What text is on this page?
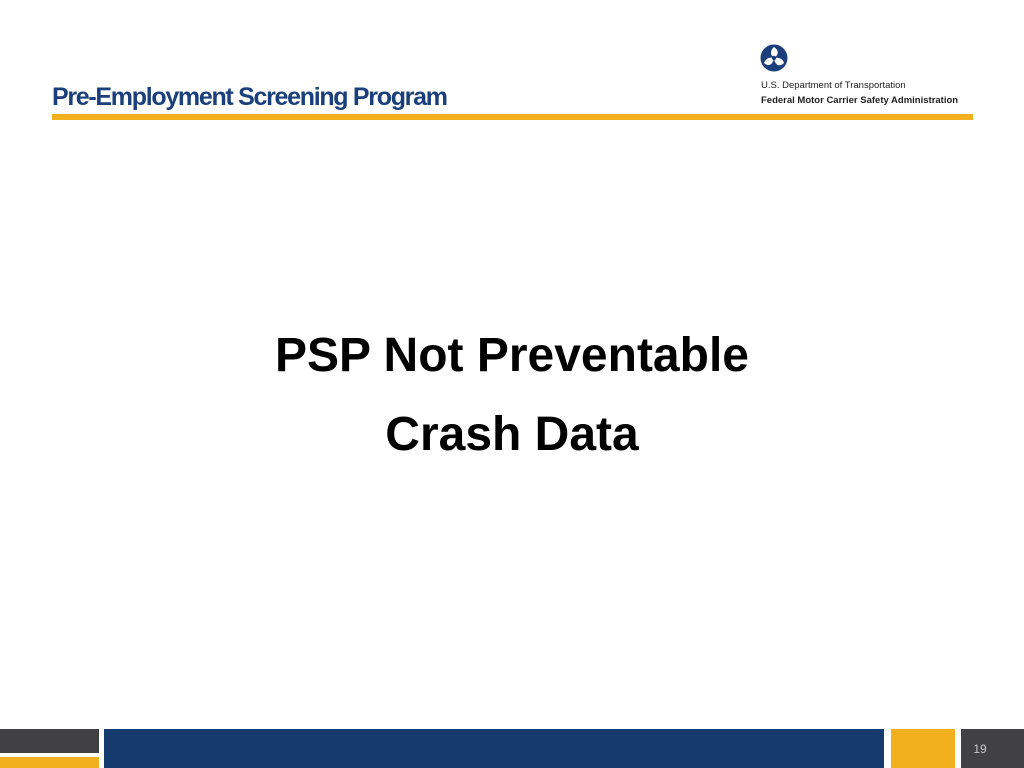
Pre-Employment Screening Program	U.S. Department of Transportation
Federal Motor Carrier Safety Administration
PSP Not Preventable
Crash Data
19
